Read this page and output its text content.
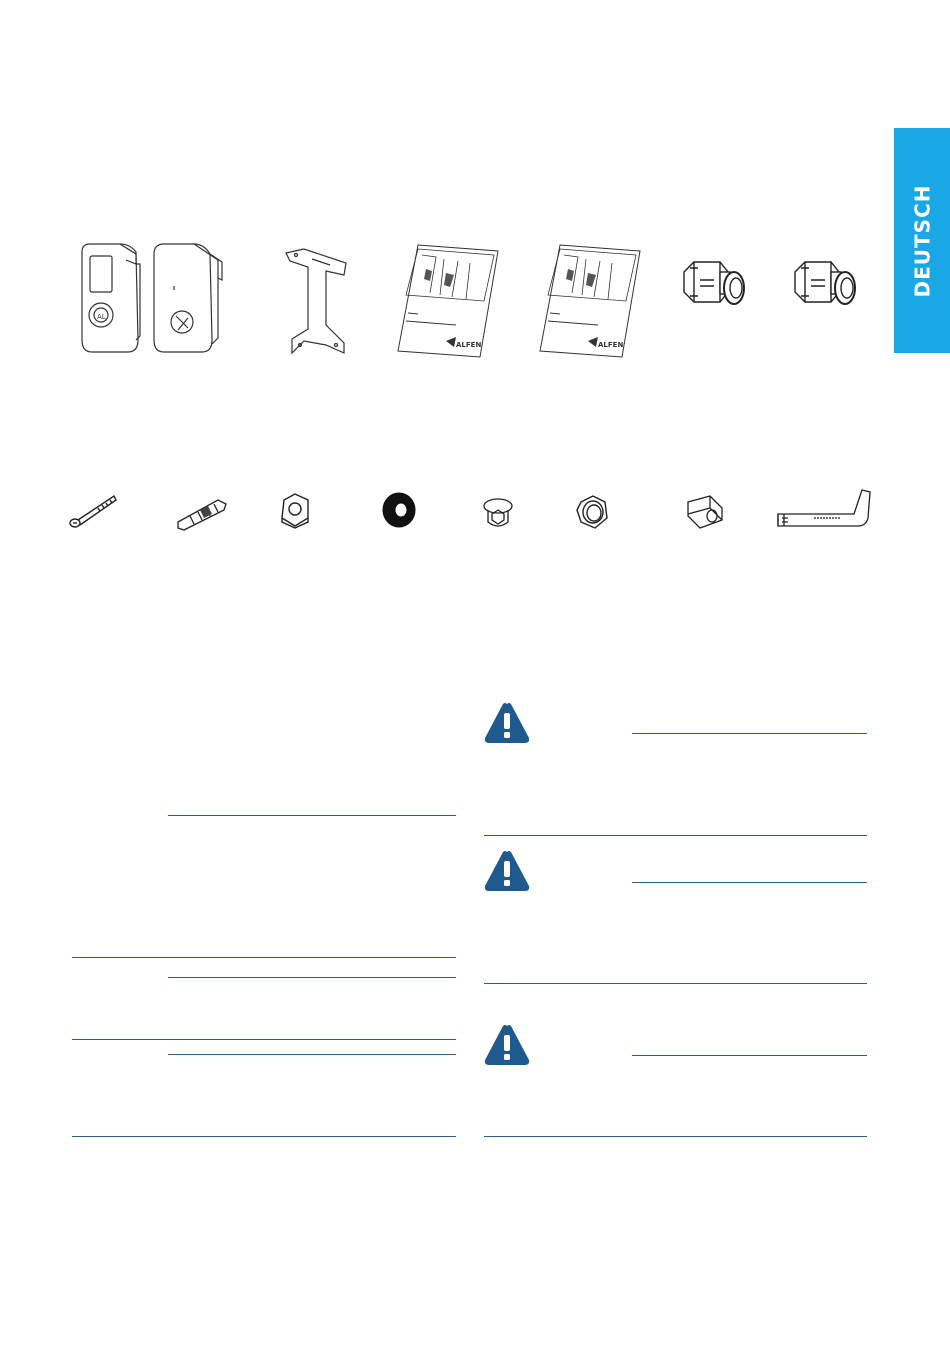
DEUTSCH
AL
ALFEN	ALFEN
